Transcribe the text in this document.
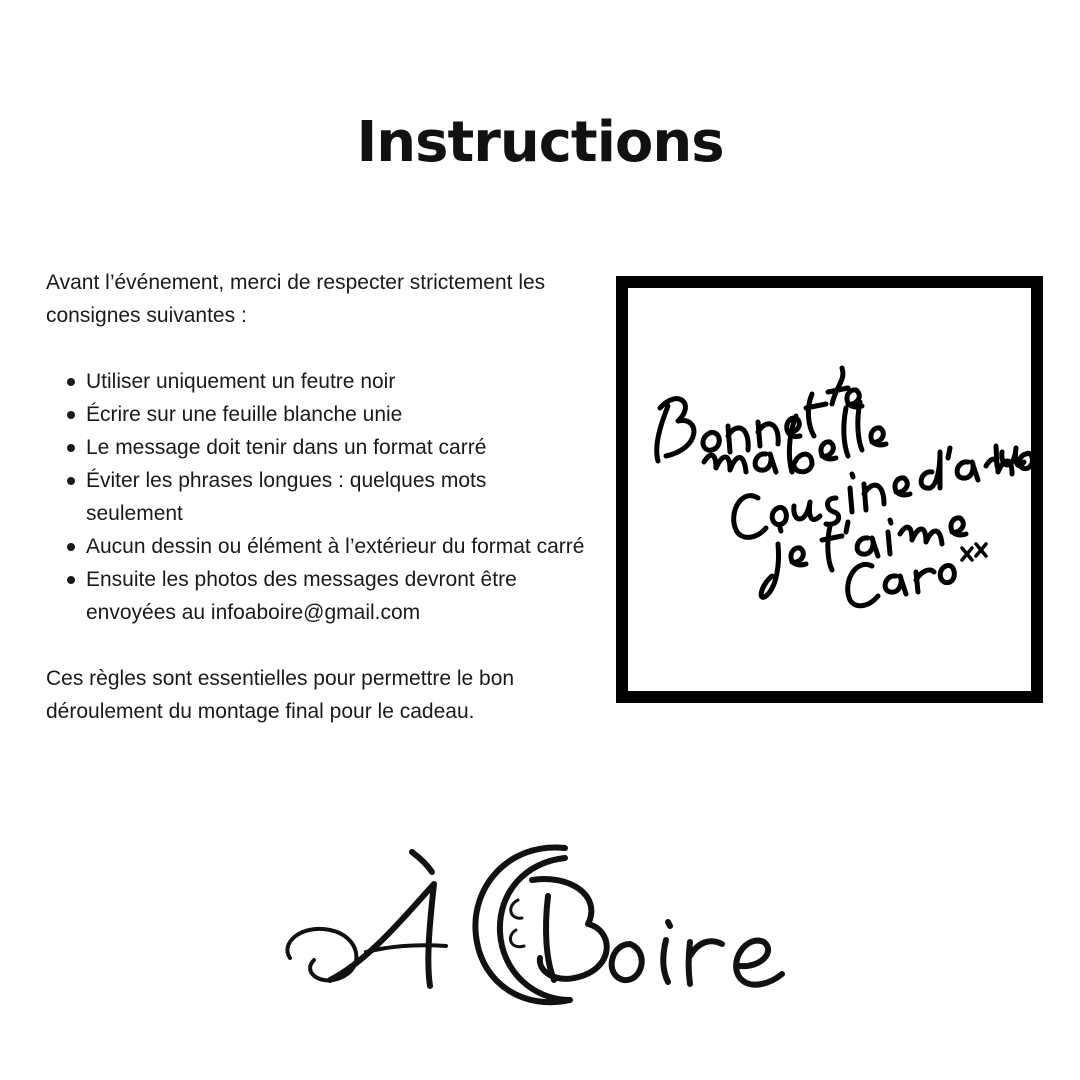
Instructions

Avant l’événement, merci de respecter strictement les consignes suivantes :

Utiliser uniquement un feutre noir
Écrire sur une feuille blanche unie
Le message doit tenir dans un format carré
Éviter les phrases longues : quelques mots seulement
Aucun dessin ou élément à l’extérieur du format carré
Ensuite les photos des messages devront être envoyées au infoaboire@gmail.com

Ces règles sont essentielles pour permettre le bon déroulement du montage final pour le cadeau.
